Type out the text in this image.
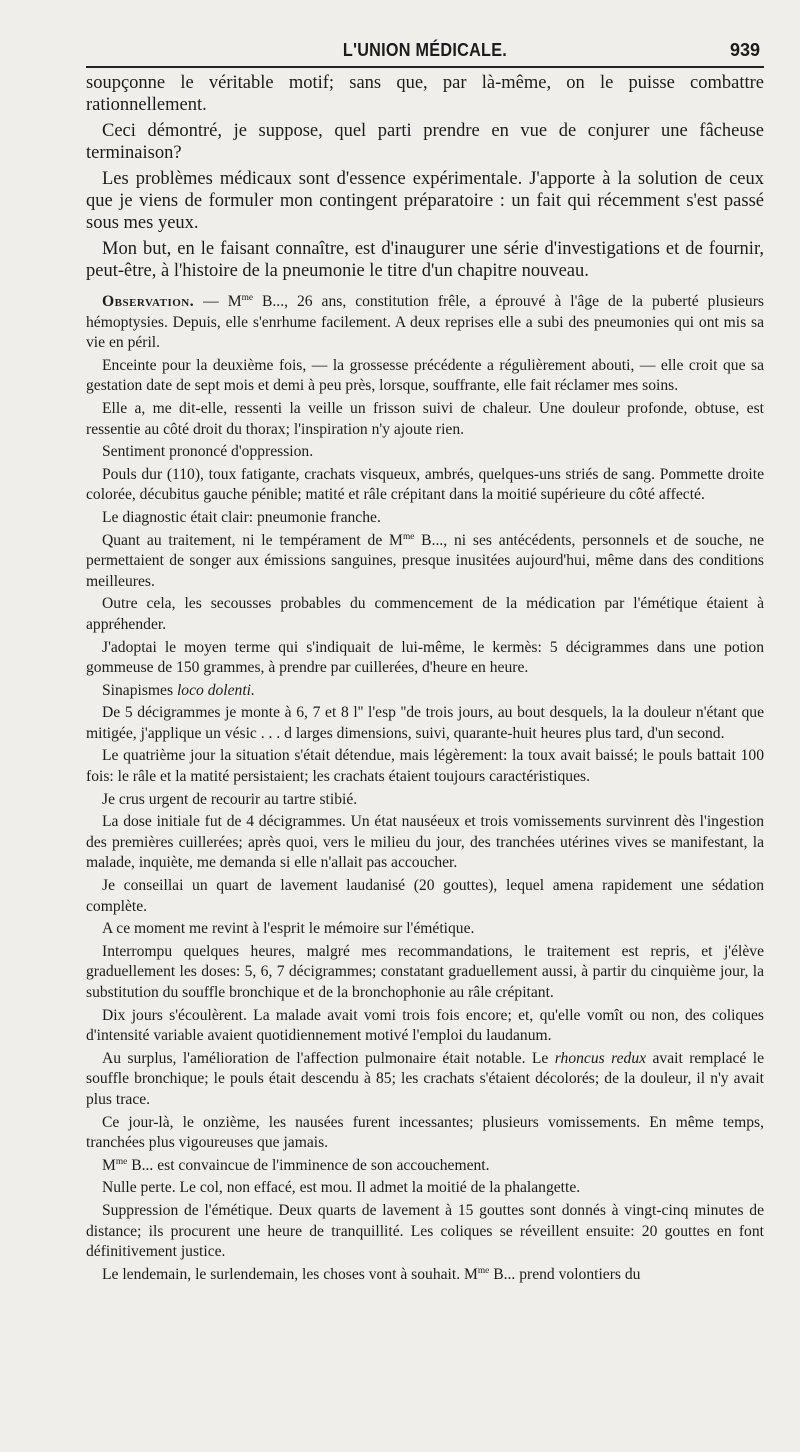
L'UNION MÉDICALE.	939

soupçonne le véritable motif; sans que, par là-même, on le puisse combattre rationnellement.

Ceci démontré, je suppose, quel parti prendre en vue de conjurer une fâcheuse terminaison?

Les problèmes médicaux sont d'essence expérimentale. J'apporte à la solution de ceux que je viens de formuler mon contingent préparatoire : un fait qui récemment s'est passé sous mes yeux.

Mon but, en le faisant connaître, est d'inaugurer une série d'investigations et de fournir, peut-être, à l'histoire de la pneumonie le titre d'un chapitre nouveau.

Observation. — $M^{me}$ B..., 26 ans, constitution frêle, a éprouvé à l'âge de la puberté plusieurs hémoptysies. Depuis, elle s'enrhume facilement. A deux reprises elle a subi des pneumonies qui ont mis sa vie en péril.

Enceinte pour la deuxième fois, — la grossesse précédente a régulièrement abouti, — elle croit que sa gestation date de sept mois et demi à peu près, lorsque, souffrante, elle fait réclamer mes soins.

Elle a, me dit-elle, ressenti la veille un frisson suivi de chaleur. Une douleur profonde, obtuse, est ressentie au côté droit du thorax; l'inspiration n'y ajoute rien.

Sentiment prononcé d'oppression.

Pouls dur (110), toux fatigante, crachats visqueux, ambrés, quelques-uns striés de sang. Pommette droite colorée, décubitus gauche pénible; matité et râle crépitant dans la moitié supérieure du côté affecté.

Le diagnostic était clair: pneumonie franche.

Quant au traitement, ni le tempérament de $M^{me}$ B..., ni ses antécédents, personnels et de souche, ne permettaient de songer aux émissions sanguines, presque inusitées aujourd'hui, même dans des conditions meilleures.

Outre cela, les secousses probables du commencement de la médication par l'émétique étaient à appréhender.

J'adoptai le moyen terme qui s'indiquait de lui-même, le kermès: 5 décigrammes dans une potion gommeuse de 150 grammes, à prendre par cuillerées, d'heure en heure.

Sinapismes loco dolenti.

De 5 décigrammes je monte à 6, 7 et 8 l'' l'esp ''de trois jours, au bout desquels, la la douleur n'étant que mitigée, j'applique un vésic . . . d larges dimensions, suivi, quarante-huit heures plus tard, d'un second.

Le quatrième jour la situation s'était détendue, mais légèrement: la toux avait baissé; le pouls battait 100 fois: le râle et la matité persistaient; les crachats étaient toujours caractéristiques.

Je crus urgent de recourir au tartre stibié.

La dose initiale fut de 4 décigrammes. Un état nauséeux et trois vomissements survinrent dès l'ingestion des premières cuillerées; après quoi, vers le milieu du jour, des tranchées utérines vives se manifestant, la malade, inquiète, me demanda si elle n'allait pas accoucher.

Je conseillai un quart de lavement laudanisé (20 gouttes), lequel amena rapidement une sédation complète.

A ce moment me revint à l'esprit le mémoire sur l'émétique.

Interrompu quelques heures, malgré mes recommandations, le traitement est repris, et j'élève graduellement les doses: 5, 6, 7 décigrammes; constatant graduellement aussi, à partir du cinquième jour, la substitution du souffle bronchique et de la bronchophonie au râle crépitant.

Dix jours s'écoulèrent. La malade avait vomi trois fois encore; et, qu'elle vomît ou non, des coliques d'intensité variable avaient quotidiennement motivé l'emploi du laudanum.

Au surplus, l'amélioration de l'affection pulmonaire était notable. Le rhoncus redux avait remplacé le souffle bronchique; le pouls était descendu à 85; les crachats s'étaient décolorés; de la douleur, il n'y avait plus trace.

Ce jour-là, le onzième, les nausées furent incessantes; plusieurs vomissements. En même temps, tranchées plus vigoureuses que jamais.

$M^{me}$ B... est convaincue de l'imminence de son accouchement.

Nulle perte. Le col, non effacé, est mou. Il admet la moitié de la phalangette.

Suppression de l'émétique. Deux quarts de lavement à 15 gouttes sont donnés à vingt-cinq minutes de distance; ils procurent une heure de tranquillité. Les coliques se réveillent ensuite: 20 gouttes en font définitivement justice.

Le lendemain, le surlendemain, les choses vont à souhait. $M^{me}$ B... prend volontiers du
